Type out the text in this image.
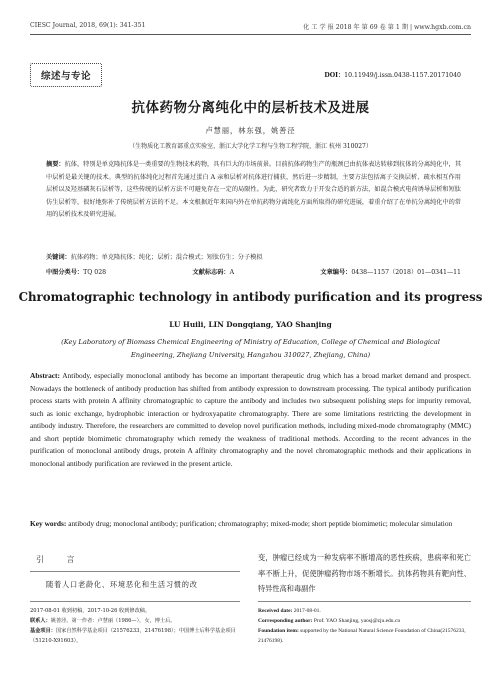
CIESC Journal, 2018, 69(1): 341-351	化 工 学 报 2018 年 第 69 卷 第 1 期 | www.hgxb.com.cn
综述与专论	DOI：10.11949/j.issn.0438-1157.20171040
抗体药物分离纯化中的层析技术及进展
卢慧丽，林东强，姚善泾
（生物质化工教育部重点实验室，浙江大学化学工程与生物工程学院，浙江 杭州 310027）
摘要：抗体，特别是单克隆抗体是一类重要的生物技术药物，具有巨大的市场前景。目前抗体药物生产的瓶颈已由抗体表达转移到抗体的分离纯化中，其中层析是最关键的技术。典型的抗体纯化过程首先通过蛋白 A 亲和层析对抗体进行捕获，然后进一步精制，主要方法包括离子交换层析、疏水相互作用层析以及羟基磷灰石层析等，这些传统的层析方法不可避免存在一定的局限性。为此，研究者致力于开发合适的新方法，如混合模式电荷诱导层析和短肽仿生层析等，很好地弥补了传统层析方法的不足。本文根据近年来国内外在单抗药物分离纯化方面所取得的研究进展，着重介绍了在单抗分离纯化中的常用的层析技术及研究进展。
关键词：抗体药物；单克隆抗体；纯化；层析；混合模式；短肽仿生；分子模拟
中图分类号：TQ 028	文献标志码：A	文章编号：0438—1157（2018）01—0341—11
Chromatographic technology in antibody purification and its progress
LU Huili, LIN Dongqiang, YAO Shanjing
(Key Laboratory of Biomass Chemical Engineering of Ministry of Education, College of Chemical and Biological Engineering, Zhejiang University, Hangzhou 310027, Zhejiang, China)
Abstract: Antibody, especially monoclonal antibody has become an important therapeutic drug which has a broad market demand and prospect. Nowadays the bottleneck of antibody production has shifted from antibody expression to downstream processing. The typical antibody purification process starts with protein A affinity chromatographic to capture the antibody and includes two subsequent polishing steps for impurity removal, such as ionic exchange, hydrophobic interaction or hydroxyapatite chromatography. There are some limitations restricting the development in antibody industry. Therefore, the researchers are committed to develop novel purification methods, including mixed-mode chromatography (MMC) and short peptide biomimetic chromatography which remedy the weakness of traditional methods. According to the recent advances in the purification of monoclonal antibody drugs, protein A affinity chromatography and the novel chromatographic methods and their applications in monoclonal antibody purification are reviewed in the present article.
Key words: antibody drug; monoclonal antibody; purification; chromatography; mixed-mode; short peptide biomimetic; molecular simulation
引 言
随着人口老龄化、环境恶化和生活习惯的改
变，肿瘤已经成为一种发病率不断增高的恶性疾病，患病率和死亡率不断上升，促使肿瘤药物市场不断增长。抗体药物具有靶向性、特异性高和毒副作
2017-08-01 收到初稿，2017-10-26 收到修改稿。
联系人：姚善泾。第一作者：卢慧丽（1986—），女，博士后。
基金项目：国家自然科学基金项目（21576233，21476198）；中国博士后科学基金项目（51210-X91603）。
Received date: 2017-08-01.
Corresponding author: Prof. YAO Shanjing, yaosj@zju.edu.cn
Foundation item: supported by the National Natural Science Foundation of China(21576233, 21476198).
